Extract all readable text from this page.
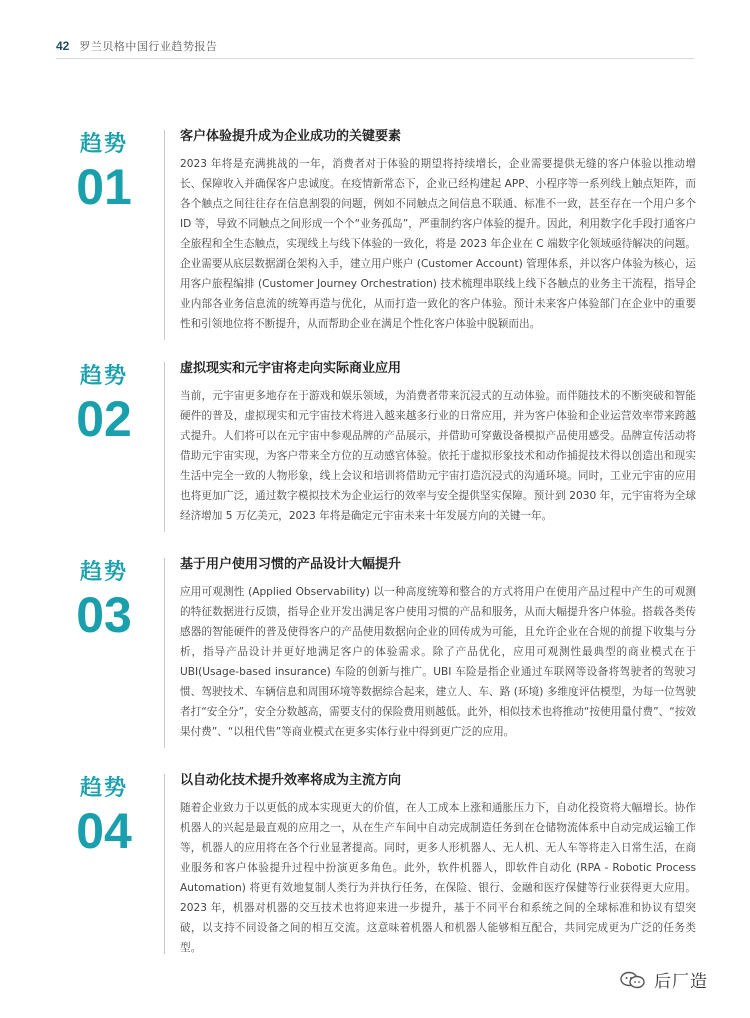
42 罗兰贝格中国行业趋势报告
趋势
01

客户体验提升成为企业成功的关键要素

2023 年将是充满挑战的一年，消费者对于体验的期望将持续增长，企业需要提供无缝的客户体验以推动增长、保障收入并确保客户忠诚度。在疫情新常态下，企业已经构建起 APP、小程序等一系列线上触点矩阵，而各个触点之间往往存在信息割裂的问题，例如不同触点之间信息不联通、标准不一致，甚至存在一个用户多个 ID 等，导致不同触点之间形成一个个“业务孤岛”，严重制约客户体验的提升。因此，利用数字化手段打通客户全旅程和全生态触点，实现线上与线下体验的一致化，将是 2023 年企业在 C 端数字化领域亟待解决的问题。企业需要从底层数据湖仓架构入手，建立用户账户 (Customer Account) 管理体系，并以客户体验为核心，运用客户旅程编排 (Customer Journey Orchestration) 技术梳理串联线上线下各触点的业务主干流程，指导企业内部各业务信息流的统筹再造与优化，从而打造一致化的客户体验。预计未来客户体验部门在企业中的重要性和引领地位将不断提升，从而帮助企业在满足个性化客户体验中脱颖而出。

趋势
02

虚拟现实和元宇宙将走向实际商业应用

当前，元宇宙更多地存在于游戏和娱乐领域，为消费者带来沉浸式的互动体验。而伴随技术的不断突破和智能硬件的普及，虚拟现实和元宇宙技术将进入越来越多行业的日常应用，并为客户体验和企业运营效率带来跨越式提升。人们将可以在元宇宙中参观品牌的产品展示，并借助可穿戴设备模拟产品使用感受。品牌宣传活动将借助元宇宙实现，为客户带来全方位的互动感官体验。依托于虚拟形象技术和动作捕捉技术得以创造出和现实生活中完全一致的人物形象，线上会议和培训将借助元宇宙打造沉浸式的沟通环境。同时，工业元宇宙的应用也将更加广泛，通过数字模拟技术为企业运行的效率与安全提供坚实保障。预计到 2030 年，元宇宙将为全球经济增加 5 万亿美元，2023 年将是确定元宇宙未来十年发展方向的关键一年。

趋势
03

基于用户使用习惯的产品设计大幅提升

应用可观测性 (Applied Observability) 以一种高度统筹和整合的方式将用户在使用产品过程中产生的可观测的特征数据进行反馈，指导企业开发出满足客户使用习惯的产品和服务，从而大幅提升客户体验。搭载各类传感器的智能硬件的普及使得客户的产品使用数据向企业的回传成为可能，且允许企业在合规的前提下收集与分析，指导产品设计并更好地满足客户的体验需求。除了产品优化，应用可观测性最典型的商业模式在于 UBI(Usage-based insurance) 车险的创新与推广。UBI 车险是指企业通过车联网等设备将驾驶者的驾驶习惯、驾驶技术、车辆信息和周围环境等数据综合起来，建立人、车、路 (环境) 多维度评估模型，为每一位驾驶者打“安全分”，安全分数越高，需要支付的保险费用则越低。此外，相似技术也将推动“按使用量付费”、“按效果付费”、“以租代售”等商业模式在更多实体行业中得到更广泛的应用。

趋势
04

以自动化技术提升效率将成为主流方向

随着企业致力于以更低的成本实现更大的价值，在人工成本上涨和通胀压力下，自动化投资将大幅增长。协作机器人的兴起是最直观的应用之一，从在生产车间中自动完成制造任务到在仓储物流体系中自动完成运输工作等，机器人的应用将在各个行业显著提高。同时，更多人形机器人、无人机、无人车等将走入日常生活，在商业服务和客户体验提升过程中扮演更多角色。此外，软件机器人，即软件自动化 (RPA - Robotic Process Automation) 将更有效地复制人类行为并执行任务，在保险、银行、金融和医疗保健等行业获得更大应用。2023 年，机器对机器的交互技术也将迎来进一步提升，基于不同平台和系统之间的全球标准和协议有望突破，以支持不同设备之间的相互交流。这意味着机器人和机器人能够相互配合，共同完成更为广泛的任务类型。

后厂造
